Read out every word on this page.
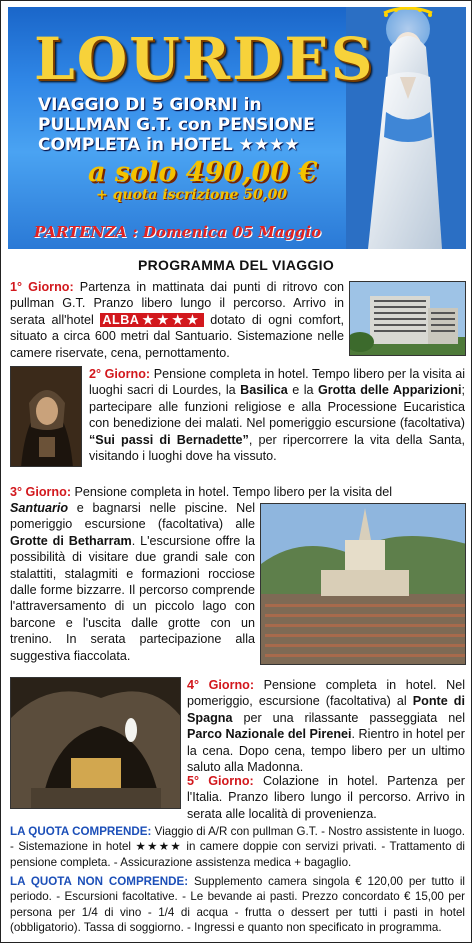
LOURDES
VIAGGIO DI 5 GIORNI in
PULLMAN G.T. con PENSIONE
COMPLETA in HOTEL ★★★★
a solo 490,00 €
+ quota iscrizione 50,00
PARTENZA : Domenica 05 Maggio
PROGRAMMA DEL VIAGGIO
1° Giorno: Partenza in mattinata dai punti di ritrovo con pullman G.T. Pranzo libero lungo il percorso. Arrivo in serata all'hotel ALBA★★★★ dotato di ogni comfort, situato a circa 600 metri dal Santuario. Sistemazione nelle camere riservate, cena, pernottamento.
2° Giorno: Pensione completa in hotel. Tempo libero per la visita ai luoghi sacri di Lourdes, la Basilica e la Grotta delle Apparizioni; partecipare alle funzioni religiose e alla Processione Eucaristica con benedizione dei malati. Nel pomeriggio escursione (facoltativa) “Sui passi di Bernadette”, per ripercorrere la vita della Santa, visitando i luoghi dove ha vissuto.
3° Giorno: Pensione completa in hotel. Tempo libero per la visita del
Santuario e bagnarsi nelle piscine. Nel pomeriggio escursione (facoltativa) alle Grotte di Betharram. L'escursione offre la possibilità di visitare due grandi sale con stalattiti, stalagmiti e formazioni rocciose dalle forme bizzarre. Il percorso comprende l'attraversamento di un piccolo lago con barcone e l'uscita dalle grotte con un trenino. In serata partecipazione alla suggestiva fiaccolata.
4° Giorno: Pensione completa in hotel. Nel pomeriggio, escursione (facoltativa) al Ponte di Spagna per una rilassante passeggiata nel Parco Nazionale del Pirenei. Rientro in hotel per la cena. Dopo cena, tempo libero per un ultimo saluto alla Madonna.
5° Giorno: Colazione in hotel. Partenza per l'Italia. Pranzo libero lungo il percorso. Arrivo in serata alle località di provenienza.
LA QUOTA COMPRENDE: Viaggio di A/R con pullman G.T. - Nostro assistente in luogo. - Sistemazione in hotel ★★★★ in camere doppie con servizi privati. - Trattamento di pensione completa. - Assicurazione assistenza medica + bagaglio.
LA QUOTA NON COMPRENDE: Supplemento camera singola € 120,00 per tutto il periodo. - Escursioni facoltative. - Le bevande ai pasti. Prezzo concordato € 15,00 per persona per 1/4 di vino - 1/4 di acqua - frutta o dessert per tutti i pasti in hotel (obbligatorio). Tassa di soggiorno. - Ingressi e quanto non specificato in programma.
